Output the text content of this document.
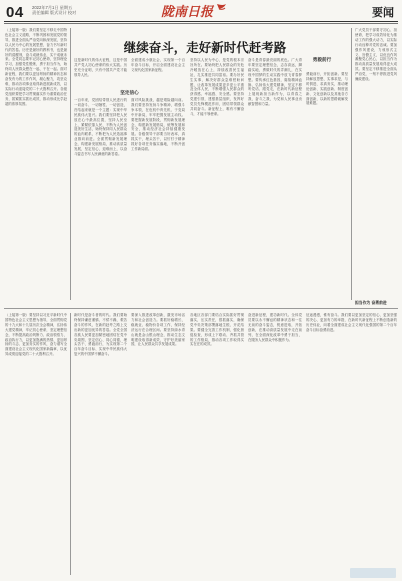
04 2022年7月1日 星期五
责任编辑 版式设计 校对	陇南日报	要闻
（上接第一版）我们要坚定不移走中国特色社会主义道路，不断巩固和发展党的领导，推进全面从严治党向纵深发展，坚持以人民为中心的发展思想，奋力书写新时代的答卷。历史是最好的教科书，也是最好的清醒剂，奋斗成就伟业，实干成就未来。全党同志要牢记初心使命，坚持理论学习，加强党性锻炼，勇于担当作为，始终同人民群众想在一起、干在一起。面对新征程，我们要以更加昂扬的精神状态和奋发有为的工作作风，凝心聚力，攻坚克难，推动各项事业取得新进展新成效，以实际行动迎接党的二十大胜利召开。各级党组织要把学习贯彻落实作为重要政治任务，抓紧抓实抓出成效，推动形成比学赶超的浓厚氛围。
继续奋斗，走好新时代赶考路
这是新时代的伟大征程，这是中国共产党人初心使命的伟大实践。历史充分证明，只有中国共产党才能领导人民。
全面建成小康社会，实现第一个百年奋斗目标，开启全面建设社会主义现代化国家新征程。
坚定信心
一百年来，党团结带领人民进行的一切奋斗、一切牺牲、一切创造，归结起来就是一个主题：实现中华民族伟大复兴。我们要坚持把人民放在心中最高位置，坚持人民至上，紧紧依靠人民，不断为人民创造美好生活，始终保持同人民群众的血肉联系，不断把为人民造福事业推向前进。全面贯彻新发展理念，构建新发展格局，推动高质量发展，坚定信心，迎难而上，以奋斗姿态书写人民满意的新答卷。
面对风险挑战，越是艰险越向前。我们要坚持发扬斗争精神，增强斗争本领，在危机中育先机、于变局中开新局，牢牢把握发展主动权。要把握新发展阶段，贯彻新发展理念，构建新发展格局，统筹发展和安全，推动经济社会持续健康发展。各级领导干部要当好表率，真抓实干，埋头苦干，以钉钉子精神抓好各项任务落实落地，不断开创工作新局面。
坚持以人民为中心，是党的根本宗旨所在。要始终把人民群众的安危冷暖放在心上，持续改善民生福祉，扎实推进共同富裕。要办好民生实事，解决好群众急难愁盼问题，让改革发展成果更多更公平惠及全体人民，不断增强人民群众的获得感、幸福感、安全感。要坚持党建引领，建强基层组织，发挥好党员先锋模范作用，团结带领群众共同奋斗。新征程上，唯有不懈奋斗，才能不辱使命。
奋斗是青春最亮丽的底色。广大青年要坚定理想信念，志存高远，脚踏实地，勇做时代的弄潮儿，在实现中国梦的生动实践中放飞青春梦想。要传承红色基因，赓续精神血脉，弘扬伟大建党精神，坚定不移听党话、跟党走，在新时代新征程上展现新担当新作为，以青春之我，奋斗之我，为党和人民事业贡献智慧和力量。
勇毅前行
勇毅前行，开拓创新。要坚持解放思想、实事求是，与时俱进、求真务实，推动理论创新、实践创新、制度创新、文化创新以及其他各方面创新，以新的思路破解发展难题。
广大党员干部要守初心、担使命，把学习成效转化为推动工作的强大动力，以实际行动诠释对党的忠诚。要加强作风建设，力戒形式主义、官僚主义，以优良作风凝聚党心民心，以担当作为推动高质量发展取得更大成效。要坚定不移推进全面从严治党，一刻不停推进党风廉政建设。
担当作为 奋勇前进
（上接第一版）要坚持以习近平新时代中国特色社会主义思想为指导，全面贯彻党的十九大和十九届历次全会精神，弘扬伟大建党精神，牢记初心使命，坚定理想信念，不断提高政治判断力、政治领悟力、政治执行力，以更加饱满的热情、更加昂扬的斗志、更加务实的作风，奋力谱写全面建设社会主义现代化国家新篇章，以优异成绩迎接党的二十大胜利召开。
新时代是奋斗者的时代。我们要始终保持谦虚谨慎、不骄不躁、艰苦奋斗的作风，在新的赶考之路上交出新的更加优异的答卷。全党全国各族人民要更加紧密地团结在党中央周围，坚定信心、同心同德，埋头苦干、勇毅前行，为实现第二个百年奋斗目标、实现中华民族伟大复兴的中国梦不懈奋斗。
要深入推进改革创新，激发市场活力和社会创造力。要抓好稳增长、稳就业、稳物价各项工作，保持经济运行在合理区间。要坚持绿水青山就是金山银山理念，推动生态文明建设取得新成效，守护好美丽家园，让人民群众共享发展成果。
各地区各部门要结合实际抓好贯彻落实，压实责任，狠抓落实，确保党中央决策部署落地生根、开花结果。要健全完善工作机制，强化督促检查，形成上下联动、齐抓共管的工作格局，推动各项工作取得实实在在的成效。
奋进新征程，建功新时代。全体党员要以永不懈怠的精神状态和一往无前的奋斗姿态，锐意进取，开拓创新，在推动高质量发展中走在前列，在全面深化改革中勇于担当，在服务人民群众中积极作为。
征途漫漫，惟有奋斗。我们要以更加坚定的信心、更加坚强的决心、更加有力的举措，在新时代新征程上不断创造新的历史伟业，向着全面建成社会主义现代化强国的第二个百年奋斗目标奋勇前进。
